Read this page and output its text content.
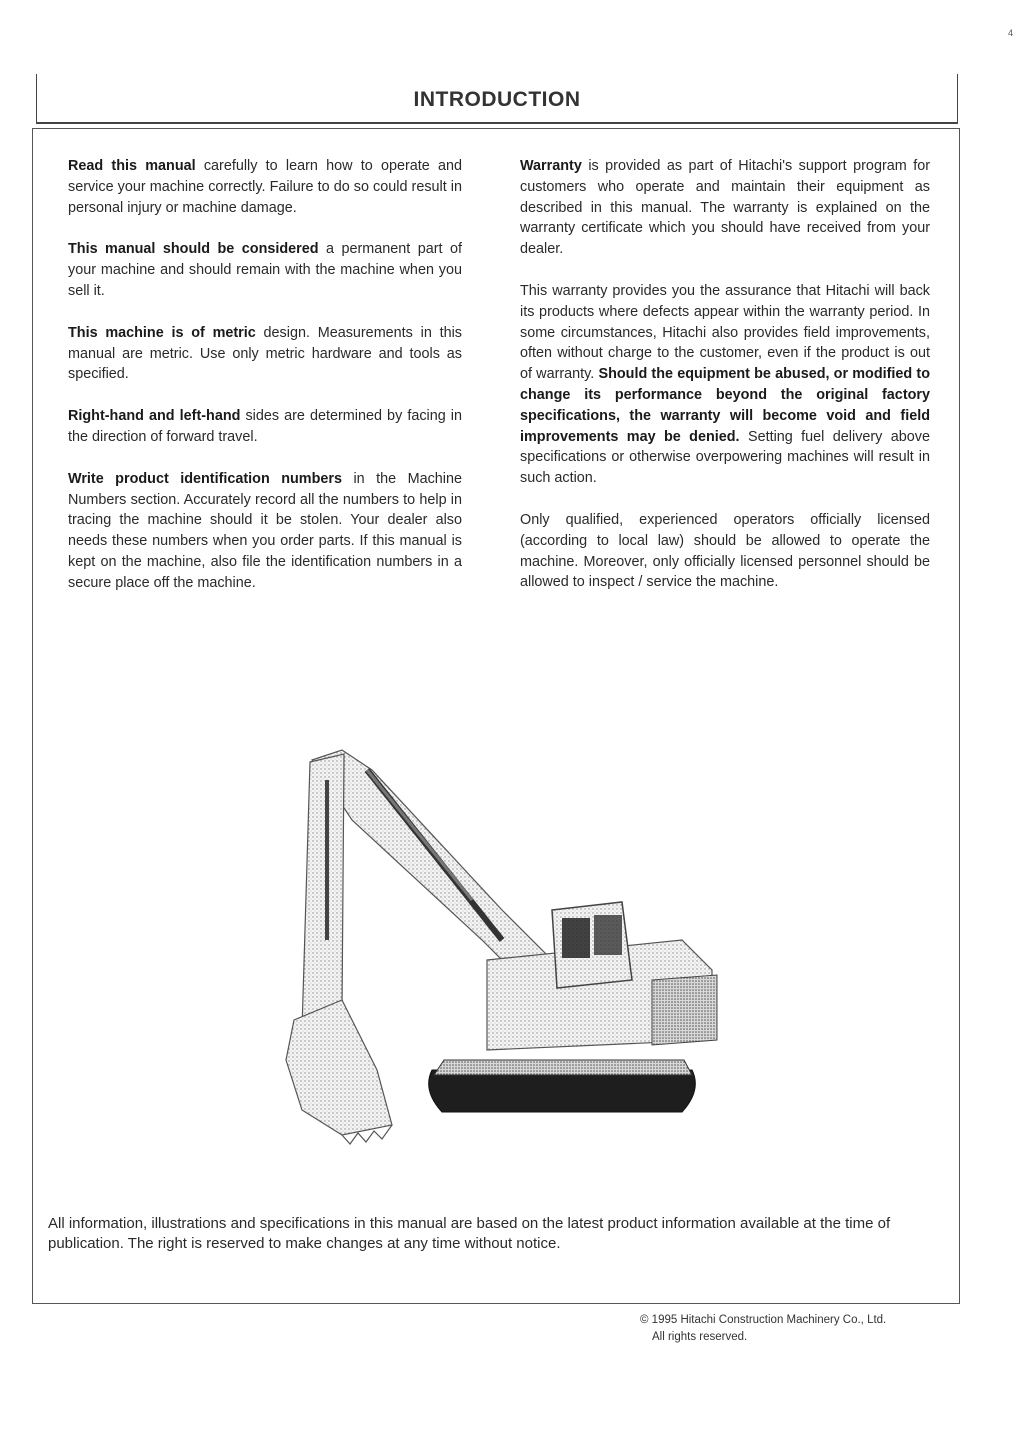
4
INTRODUCTION

Read this manual carefully to learn how to operate and service your machine correctly. Failure to do so could result in personal injury or machine damage.

This manual should be considered a permanent part of your machine and should remain with the machine when you sell it.

This machine is of metric design. Measurements in this manual are metric. Use only metric hardware and tools as specified.

Right-hand and left-hand sides are determined by facing in the direction of forward travel.

Write product identification numbers in the Machine Numbers section. Accurately record all the numbers to help in tracing the machine should it be stolen. Your dealer also needs these numbers when you order parts. If this manual is kept on the machine, also file the identification numbers in a secure place off the machine.

Warranty is provided as part of Hitachi's support program for customers who operate and maintain their equipment as described in this manual. The warranty is explained on the warranty certificate which you should have received from your dealer.

This warranty provides you the assurance that Hitachi will back its products where defects appear within the warranty period. In some circumstances, Hitachi also provides field improvements, often without charge to the customer, even if the product is out of warranty. Should the equipment be abused, or modified to change its performance beyond the original factory specifications, the warranty will become void and field improvements may be denied. Setting fuel delivery above specifications or otherwise overpowering machines will result in such action.

Only qualified, experienced operators officially licensed (according to local law) should be allowed to operate the machine. Moreover, only officially licensed personnel should be allowed to inspect / service the machine.

All information, illustrations and specifications in this manual are based on the latest product information available at the time of publication. The right is reserved to make changes at any time without notice.
© 1995 Hitachi Construction Machinery Co., Ltd.
All rights reserved.
